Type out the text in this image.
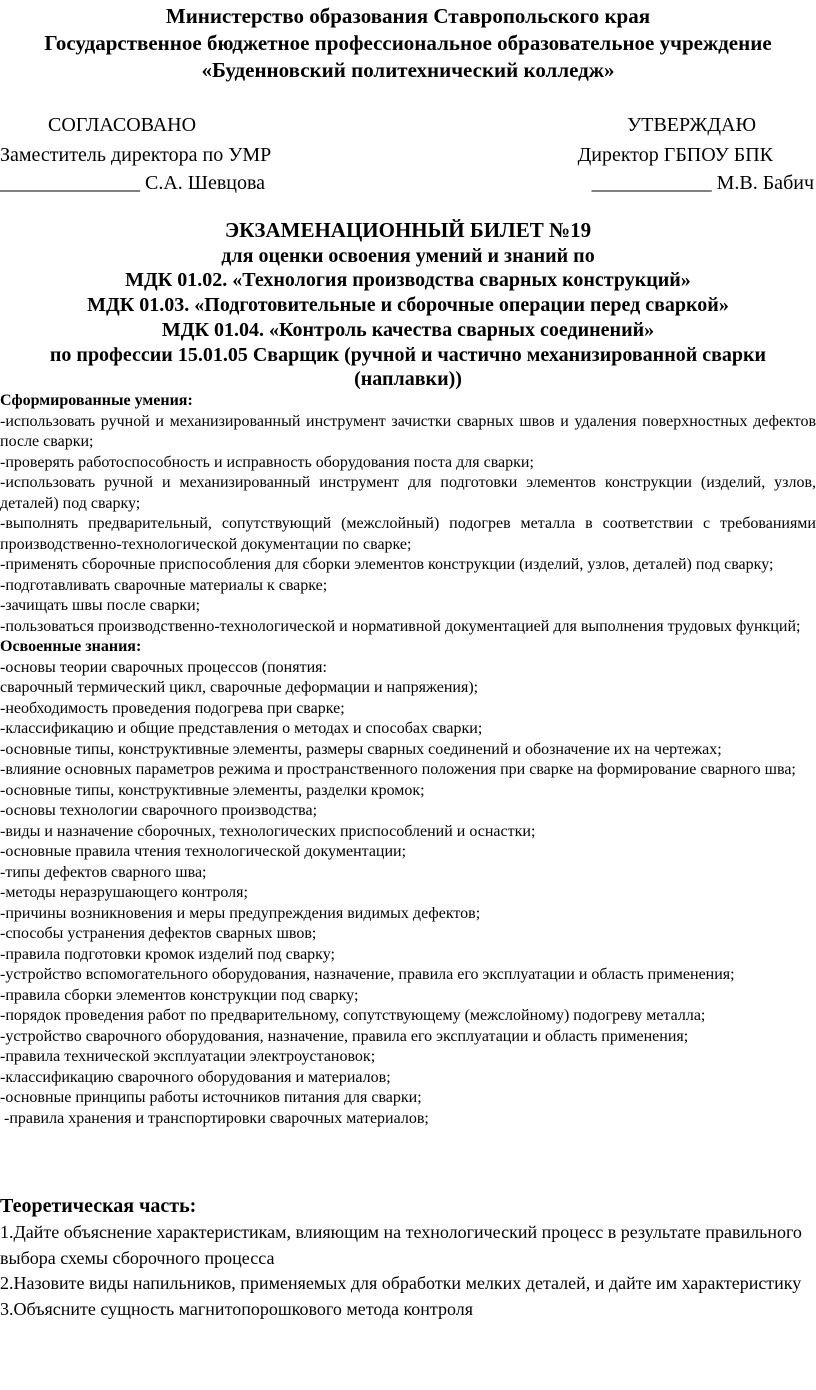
Министерство образования Ставропольского края
Государственное бюджетное профессиональное образовательное учреждение
«Буденновский политехнический колледж»
СОГЛАСОВАНО
Заместитель директора по УМР
______________ С.А. Шевцова
УТВЕРЖДАЮ
Директор ГБПОУ БПК
____________ М.В. Бабич
ЭКЗАМЕНАЦИОННЫЙ БИЛЕТ №19
для оценки освоения умений и знаний по
МДК 01.02. «Технология производства сварных конструкций»
МДК 01.03. «Подготовительные и сборочные операции перед сваркой»
МДК 01.04. «Контроль качества сварных соединений»
по профессии 15.01.05 Сварщик (ручной и частично механизированной сварки
(наплавки))
Сформированные умения:
-использовать ручной и механизированный инструмент зачистки сварных швов и удаления поверхностных дефектов после сварки;
-проверять работоспособность и исправность оборудования поста для сварки;
-использовать ручной и механизированный инструмент для подготовки элементов конструкции (изделий, узлов, деталей) под сварку;
-выполнять предварительный, сопутствующий (межслойный) подогрев металла в соответствии с требованиями производственно-технологической документации по сварке;
-применять сборочные приспособления для сборки элементов конструкции (изделий, узлов, деталей) под сварку;
-подготавливать сварочные материалы к сварке;
-зачищать швы после сварки;
-пользоваться производственно-технологической и нормативной документацией для выполнения трудовых функций;
Освоенные знания:
-основы теории сварочных процессов (понятия:
сварочный термический цикл, сварочные деформации и напряжения);
-необходимость проведения подогрева при сварке;
-классификацию и общие представления о методах и способах сварки;
-основные типы, конструктивные элементы, размеры сварных соединений и обозначение их на чертежах;
-влияние основных параметров режима и пространственного положения при сварке на формирование сварного шва;
-основные типы, конструктивные элементы, разделки кромок;
-основы технологии сварочного производства;
-виды и назначение сборочных, технологических приспособлений и оснастки;
-основные правила чтения технологической документации;
-типы дефектов сварного шва;
-методы неразрушающего контроля;
-причины возникновения и меры предупреждения видимых дефектов;
-способы устранения дефектов сварных швов;
-правила подготовки кромок изделий под сварку;
-устройство вспомогательного оборудования, назначение, правила его эксплуатации и область применения;
-правила сборки элементов конструкции под сварку;
-порядок проведения работ по предварительному, сопутствующему (межслойному) подогреву металла;
-устройство сварочного оборудования, назначение, правила его эксплуатации и область применения;
-правила технической эксплуатации электроустановок;
-классификацию сварочного оборудования и материалов;
-основные принципы работы источников питания для сварки;
-правила хранения и транспортировки сварочных материалов;
Теоретическая часть:
1.Дайте объяснение характеристикам, влияющим на технологический процесс в результате правильного выбора схемы сборочного процесса
2.Назовите виды напильников, применяемых для обработки мелких деталей, и дайте им характеристику
3.Объясните сущность магнитопорошкового метода контроля
